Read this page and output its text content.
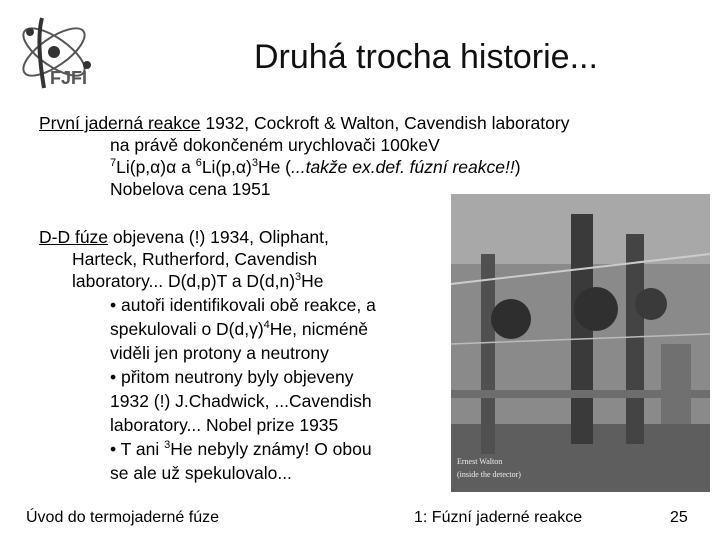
FJFI
Druhá trocha historie...
První jaderná reakce 1932, Cockroft & Walton, Cavendish laboratory
na právě dokončeném urychlovači 100keV
$^7$Li(p,α)α a $^6Li(p,\alpha)^3He$ (...takže ex.def. fúzní reakce!!)
Nobelova cena 1951
D-D fúze objevena (!) 1934, Oliphant,
Harteck, Rutherford, Cavendish
laboratory... D(d,p)T a $D(d,n)^3He$
• autoři identifikovali obě reakce, a
spekulovali o $D(d,\gamma)^4He$, nicméně
viděli jen protony a neutrony
• přitom neutrony byly objeveny
1932 (!) J.Chadwick, ...Cavendish
laboratory... Nobel prize 1935
• T ani $^3$He nebyly známy! O obou
se ale už spekulovalo...
Ernest Walton
(inside the detector)
Úvod do termojaderné fúze	1: Fúzní jaderné reakce	25
